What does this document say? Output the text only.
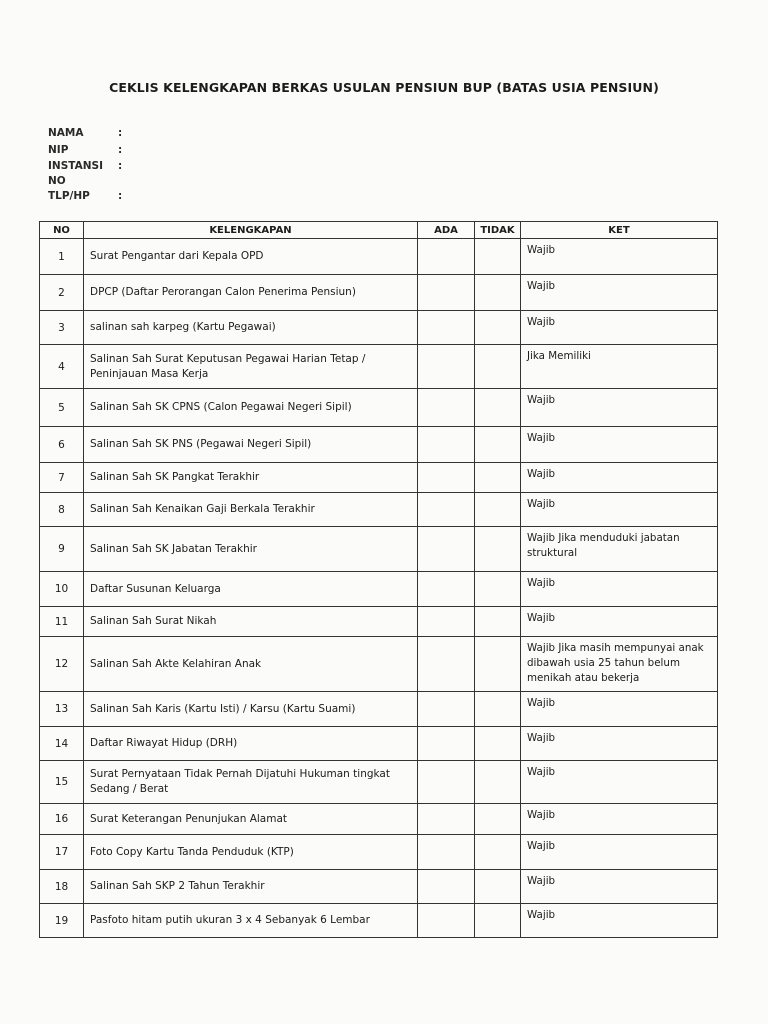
CEKLIS KELENGKAPAN BERKAS USULAN PENSIUN BUP (BATAS USIA PENSIUN)
NAMA	:
NIP	:
INSTANSI :
NO
TLP/HP	:
NO	KELENGKAPAN	ADA	TIDAK	KET
1	Surat Pengantar dari Kepala OPD			Wajib
2	DPCP (Daftar Perorangan Calon Penerima Pensiun)			Wajib
3	salinan sah karpeg (Kartu Pegawai)			Wajib
4	Salinan Sah Surat Keputusan Pegawai Harian Tetap / Peninjauan Masa Kerja			Jika Memiliki
5	Salinan Sah SK CPNS (Calon Pegawai Negeri Sipil)			Wajib
6	Salinan Sah SK PNS (Pegawai Negeri Sipil)			Wajib
7	Salinan Sah SK Pangkat Terakhir			Wajib
8	Salinan Sah Kenaikan Gaji Berkala Terakhir			Wajib
9	Salinan Sah SK Jabatan Terakhir			Wajib Jika menduduki jabatan struktural
10	Daftar Susunan Keluarga			Wajib
11	Salinan Sah Surat Nikah			Wajib
12	Salinan Sah Akte Kelahiran Anak			Wajib Jika masih mempunyai anak dibawah usia 25 tahun belum menikah atau bekerja
13	Salinan Sah Karis (Kartu Isti) / Karsu (Kartu Suami)			Wajib
14	Daftar Riwayat Hidup (DRH)			Wajib
15	Surat Pernyataan Tidak Pernah Dijatuhi Hukuman tingkat Sedang / Berat			Wajib
16	Surat Keterangan Penunjukan Alamat			Wajib
17	Foto Copy Kartu Tanda Penduduk (KTP)			Wajib
18	Salinan Sah SKP 2 Tahun Terakhir			Wajib
19	Pasfoto hitam putih ukuran 3 x 4 Sebanyak 6 Lembar			Wajib
